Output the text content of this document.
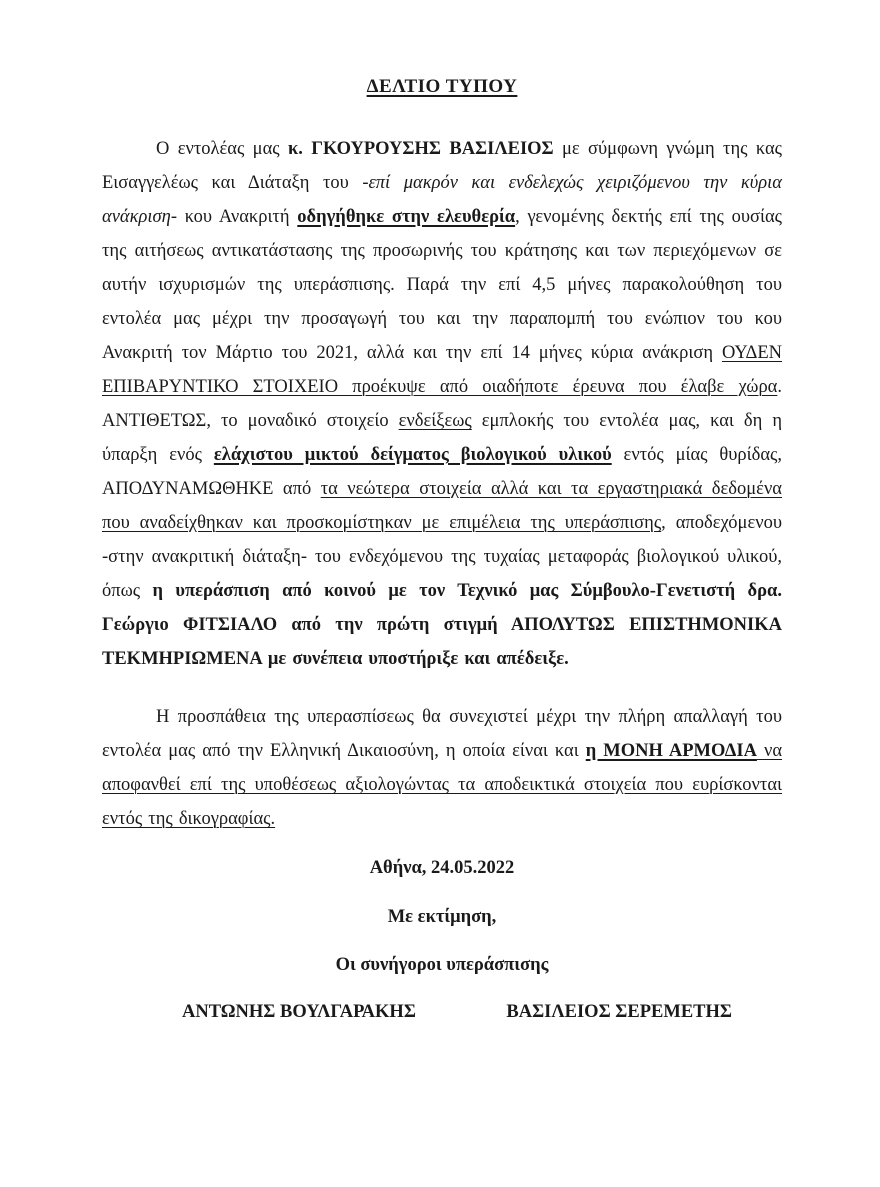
ΔΕΛΤΙΟ ΤΥΠΟΥ

Ο εντολέας μας κ. ΓΚΟΥΡΟΥΣΗΣ ΒΑΣΙΛΕΙΟΣ με σύμφωνη γνώμη της κας Εισαγγελέως και Διάταξη του -επί μακρόν και ενδελεχώς χειριζόμενου την κύρια ανάκριση- κου Ανακριτή οδηγήθηκε στην ελευθερία, γενομένης δεκτής επί της ουσίας της αιτήσεως αντικατάστασης της προσωρινής του κράτησης και των περιεχόμενων σε αυτήν ισχυρισμών της υπεράσπισης. Παρά την επί 4,5 μήνες παρακολούθηση του εντολέα μας μέχρι την προσαγωγή του και την παραπομπή του ενώπιον του κου Ανακριτή τον Μάρτιο του 2021, αλλά και την επί 14 μήνες κύρια ανάκριση ΟΥΔΕΝ ΕΠΙΒΑΡΥΝΤΙΚΟ ΣΤΟΙΧΕΙΟ προέκυψε από οιαδήποτε έρευνα που έλαβε χώρα. ΑΝΤΙΘΕΤΩΣ, το μοναδικό στοιχείο ενδείξεως εμπλοκής του εντολέα μας, και δη η ύπαρξη ενός ελάχιστου μικτού δείγματος βιολογικού υλικού εντός μίας θυρίδας, ΑΠΟΔΥΝΑΜΩΘΗΚΕ από τα νεώτερα στοιχεία αλλά και τα εργαστηριακά δεδομένα που αναδείχθηκαν και προσκομίστηκαν με επιμέλεια της υπεράσπισης, αποδεχόμενου -στην ανακριτική διάταξη- του ενδεχόμενου της τυχαίας μεταφοράς βιολογικού υλικού, όπως η υπεράσπιση από κοινού με τον Τεχνικό μας Σύμβουλο-Γενετιστή δρα. Γεώργιο ΦΙΤΣΙΑΛΟ από την πρώτη στιγμή ΑΠΟΛΥΤΩΣ ΕΠΙΣΤΗΜΟΝΙΚΑ ΤΕΚΜΗΡΙΩΜΕΝΑ με συνέπεια υποστήριξε και απέδειξε.

Η προσπάθεια της υπερασπίσεως θα συνεχιστεί μέχρι την πλήρη απαλλαγή του εντολέα μας από την Ελληνική Δικαιοσύνη, η οποία είναι και η ΜΟΝΗ ΑΡΜΟΔΙΑ να αποφανθεί επί της υποθέσεως αξιολογώντας τα αποδεικτικά στοιχεία που ευρίσκονται εντός της δικογραφίας.

Αθήνα, 24.05.2022

Με εκτίμηση,

Οι συνήγοροι υπεράσπισης

ΑΝΤΩΝΗΣ ΒΟΥΛΓΑΡΑΚΗΣ	ΒΑΣΙΛΕΙΟΣ ΣΕΡΕΜΕΤΗΣ
